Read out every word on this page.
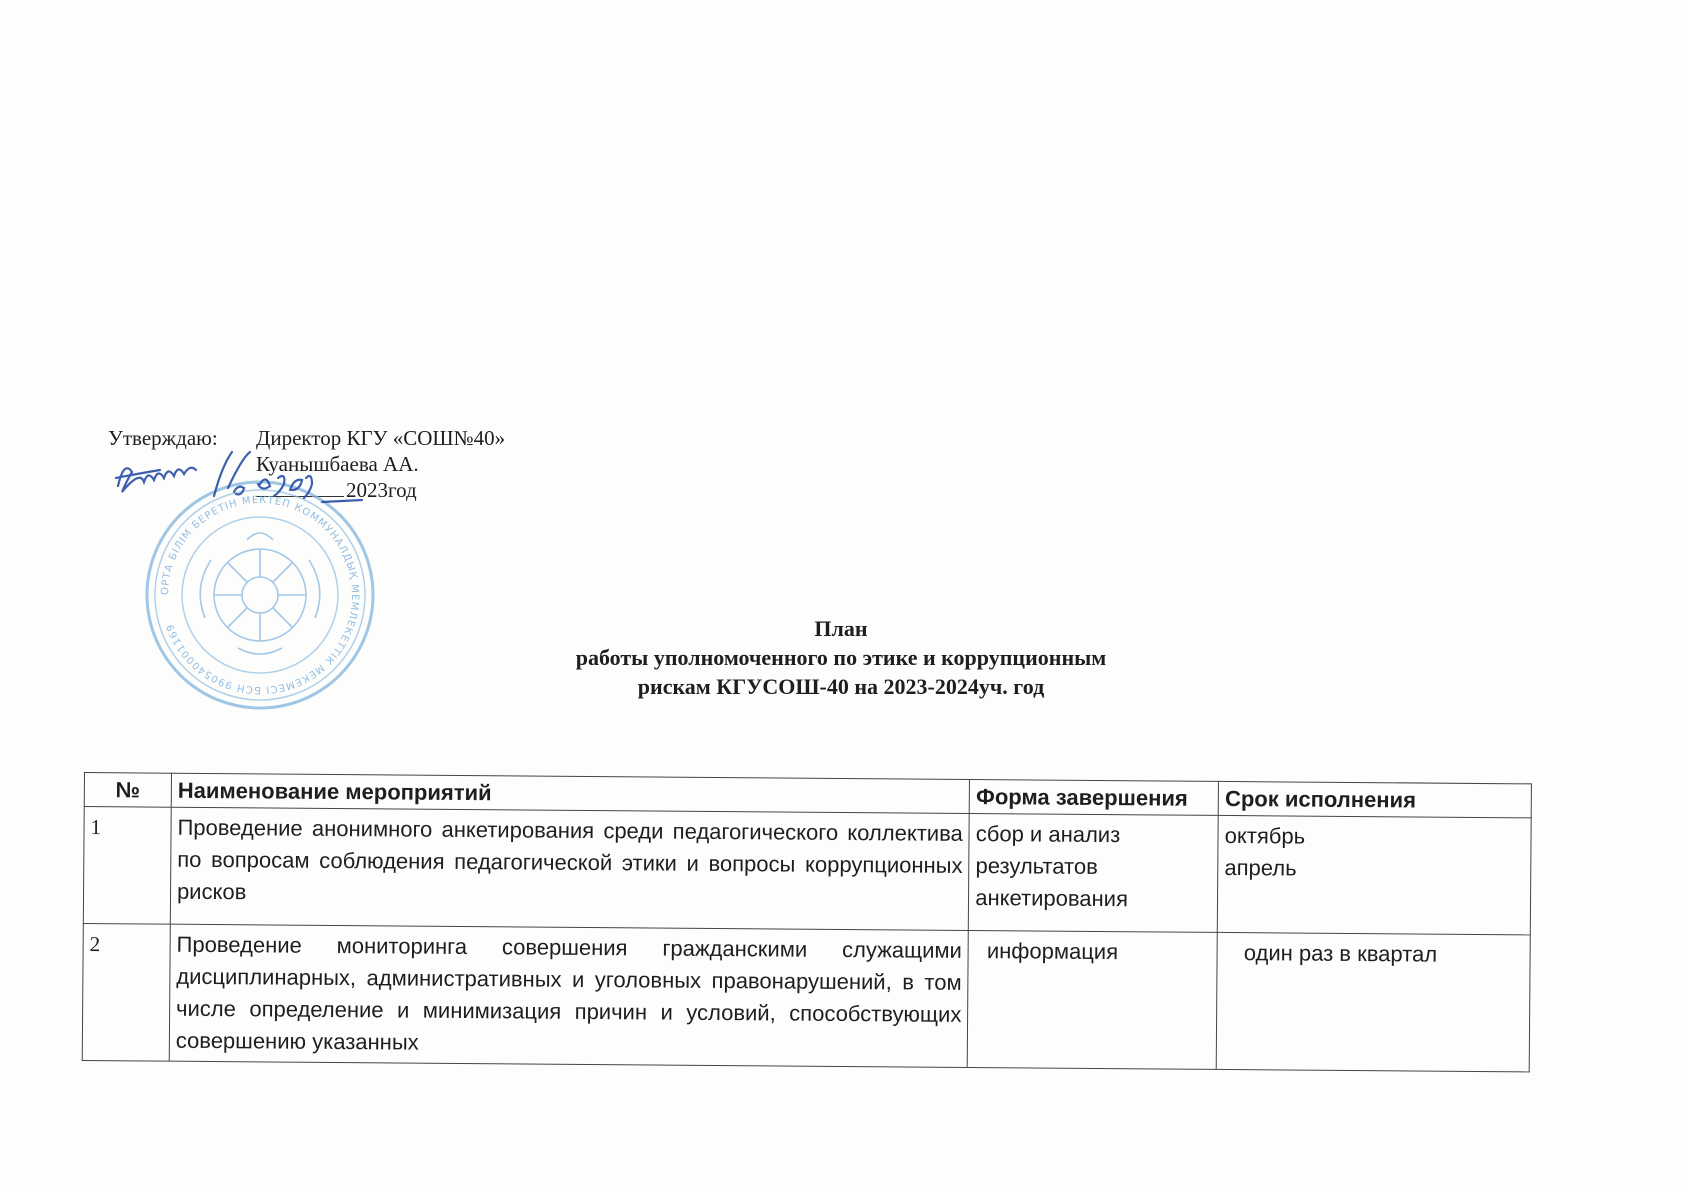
Утверждаю: Директор КГУ «СОШ№40»
Куанышбаева АА.
2023год
ОРТА БІЛІМ БЕРЕТІН МЕКТЕП КОММУНАЛДЫҚ МЕМЛЕКЕТТІК МЕКЕМЕСІ БСН 990540001169	План
работы уполномоченного по этике и коррупционным
рискам КГУСОШ-40 на 2023-2024уч. год
№	Наименование мероприятий	Форма завершения	Срок исполнения
1	Проведение анонимного анкетирования среди педагогического коллектива по вопросам соблюдения педагогической этики и вопросы коррупционных рисков	сбор и анализ результатов анкетирования	октябрь
апрель

2	Проведение мониторинга совершения гражданскими служащими дисциплинарных, административных и уголовных правонарушений, в том числе определение и минимизация причин и условий, способствующих совершению указанных	информация	один раз в квартал
